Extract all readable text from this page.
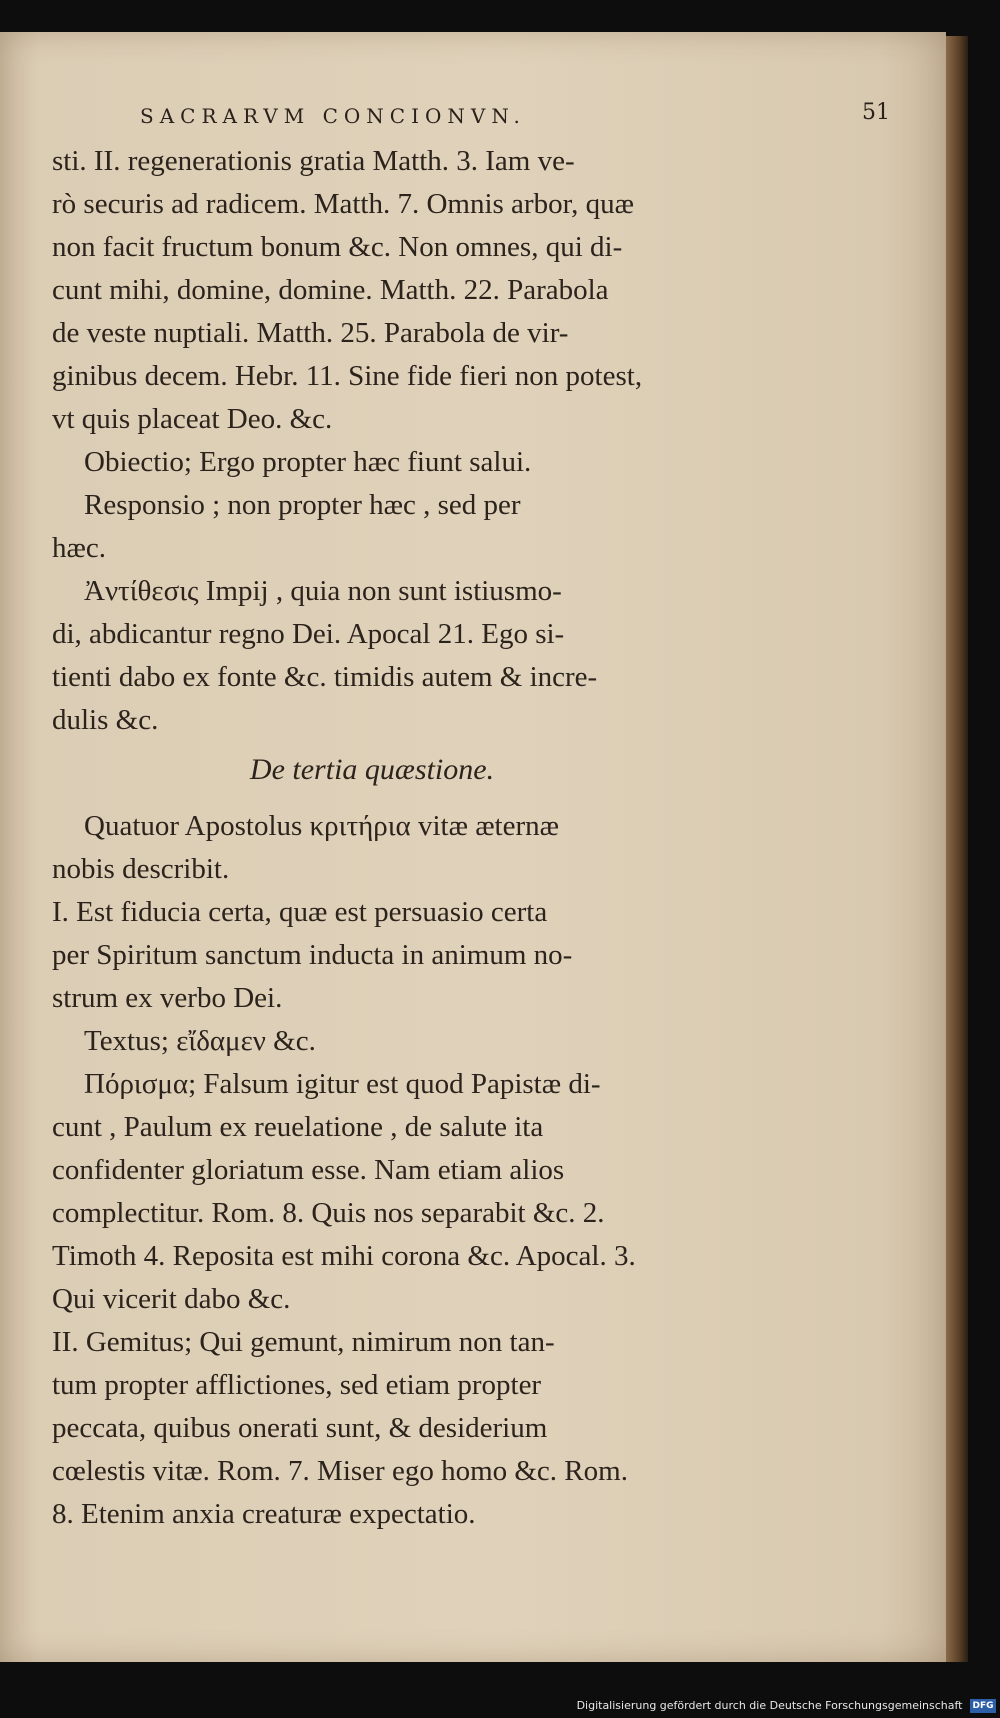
SACRARVM CONCIONVN.	51
sti. II. regenerationis gratia Matth. 3. Iam ve-
rò securis ad radicem. Matth. 7. Omnis arbor, quæ
non facit fructum bonum &c. Non omnes, qui di-
cunt mihi, domine, domine. Matth. 22. Parabola
de veste nuptiali. Matth. 25. Parabola de vir-
ginibus decem. Hebr. 11. Sine fide fieri non potest,
vt quis placeat Deo. &c.
Obiectio; Ergo propter hæc fiunt salui.
Responsio ; non propter hæc , sed per
hæc.
Ἀντίθεσις Impij , quia non sunt istiusmo-
di, abdicantur regno Dei. Apocal 21. Ego si-
tienti dabo ex fonte &c. timidis autem & incre-
dulis &c.
De tertia quæstione.
Quatuor Apostolus κριτήρια vitæ æternæ
nobis describit.
I. Est fiducia certa, quæ est persuasio certa
per Spiritum sanctum inducta in animum no-
strum ex verbo Dei.
Textus; εἴδαμεν &c.
Πόρισμα; Falsum igitur est quod Papistæ di-
cunt , Paulum ex reuelatione , de salute ita
confidenter gloriatum esse. Nam etiam alios
complectitur. Rom. 8. Quis nos separabit &c. 2.
Timoth 4. Reposita est mihi corona &c. Apocal. 3.
Qui vicerit dabo &c.
II. Gemitus; Qui gemunt, nimirum non tan-
tum propter afflictiones, sed etiam propter
peccata, quibus onerati sunt, & desiderium
cœlestis vitæ. Rom. 7. Miser ego homo &c. Rom.
8. Etenim anxia creaturæ expectatio.
Digitalisierung gefördert durch die Deutsche Forschungsgemeinschaft DFG
